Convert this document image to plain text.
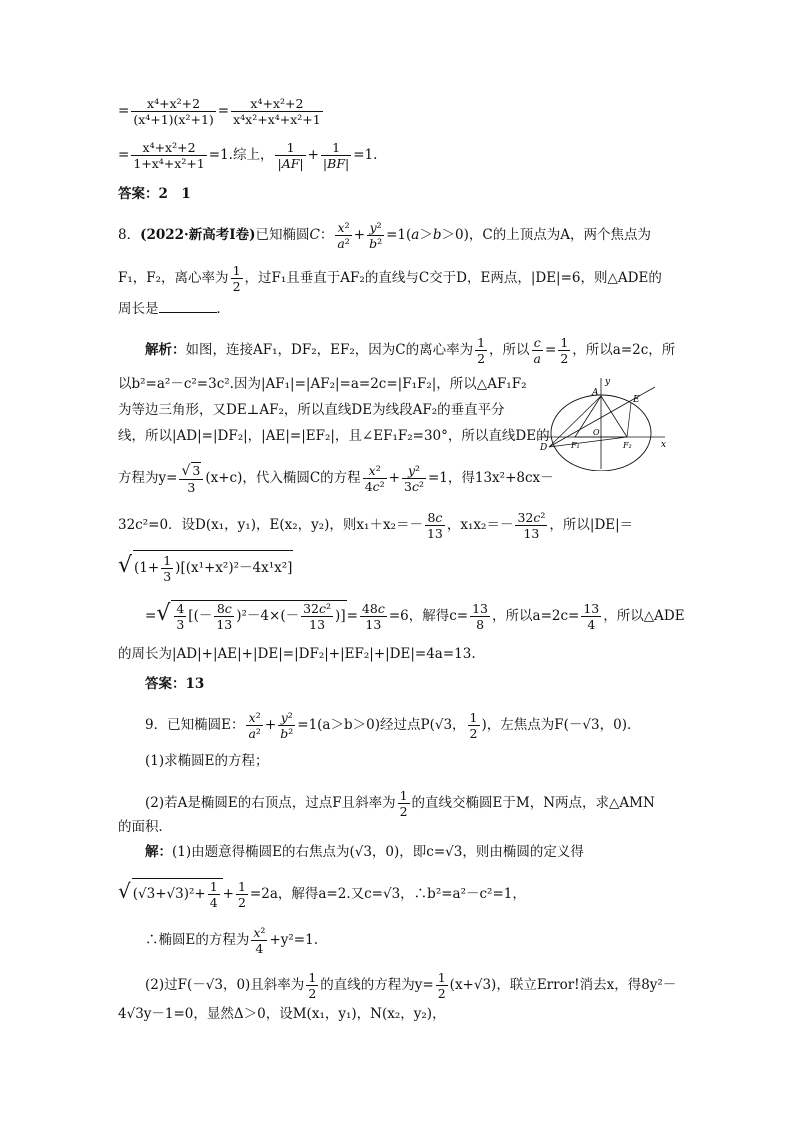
= $\frac{\text{x⁴+x²+2}}{\text{(x⁴+1)(x²+1)}} = \frac{\text{x⁴+x²+2}}{\text{x⁴x²+x⁴+x²+1}}$
= $\frac{\text{x⁴+x²+2}}{\text{1+x⁴+x²+1}} =1$.综上， $\frac{1}{|AF|} + \frac{1}{|BF|} =1$.
答案：2　1
8．(2022·新高考Ⅰ卷)已知椭圆C： $\frac{\text{x²}}{\text{a²}} + \frac{\text{y²}}{\text{b²}} =1(a>b>0)$，C的上顶点为A，两个焦点为
F₁，F₂，离心率为 $\frac{1}{2}$ ，过F₁且垂直于AF₂的直线与C交于D，E两点，|DE|=6，则△ADE的
周长是	．
解析：如图，连接AF₁，DF₂，EF₂，因为C的离心率为 $\frac{1}{2}$ ，所以 $\frac{c}{a} = \frac{1}{2}$ ，所以a=2c，所
以b²=a²－c²=3c².因为|AF₁|=|AF₂|=a=2c=|F₁F₂|，所以△AF₁F₂
为等边三角形，又DE⊥AF₂，所以直线DE为线段AF₂的垂直平分
线，所以|AD|=|DF₂|，|AE|=|EF₂|，且∠EF₁F₂=30°，所以直线DE的
方程为$y= \frac{√ 3}{3} (x+c)$，代入椭圆C的方程 $\frac{\text{x²}}{\text{4c²}} + \frac{\text{y²}}{\text{3c²}} =1$，得13x²+8cx－
y
x
A
E
D
O
F₁	F₂
32c²=0．设D(x₁，y₁)，E(x₂，y₂)，则$x_1+x_2=- \frac{8c}{13}$ ，$x_1x_2=- \frac{\text{32c²}}{13}$ ，所以|DE|＝
√ $(1+ \frac{1}{3} )[(x^1+x^2)^2-4x^1x^2]$
=√ $\frac{4}{3}$ [(－ $\frac{8c}{13} )^2-4\times(- \frac{\text{32c²}}{13}$ )]= $\frac{48c}{13} =6$，解得$c= \frac{13}{8}$ ，所以$a=2c= \frac{13}{4}$ ，所以△ADE
的周长为|AD|+|AE|+|DE|=|DF₂|+|EF₂|+|DE|=4a=13.
答案：13
9．已知椭圆E： $\frac{\text{x²}}{\text{a²}} + \frac{\text{y²}}{\text{b²}} =1(a>b>0)$经过点P(√3， $\frac{1}{2}$ )，左焦点为F(－√3，0)．
(1)求椭圆E的方程；
(2)若A是椭圆E的右顶点，过点F且斜率为 $\frac{1}{2}$ 的直线交椭圆E于M，N两点，求△AMN
的面积．
解：(1)由题意得椭圆E的右焦点为(√3，0)，即c=√3，则由椭圆的定义得
√ $(√3+√3)^2+ \frac{1}{4} + \frac{1}{2} =2a$，解得a=2.又c=√3，∴b²=a²－c²=1，
∴椭圆E的方程为 $\frac{\text{x²}}{4} +y^2=1$.
(2)过F(－√3，0)且斜率为 $\frac{1}{2}$ 的直线的方程为$y= \frac{1}{2} (x+√3)$，联立Error!消去x，得8y²－
4√3y－1=0，显然Δ＞0，设M(x₁，y₁)，N(x₂，y₂)，
